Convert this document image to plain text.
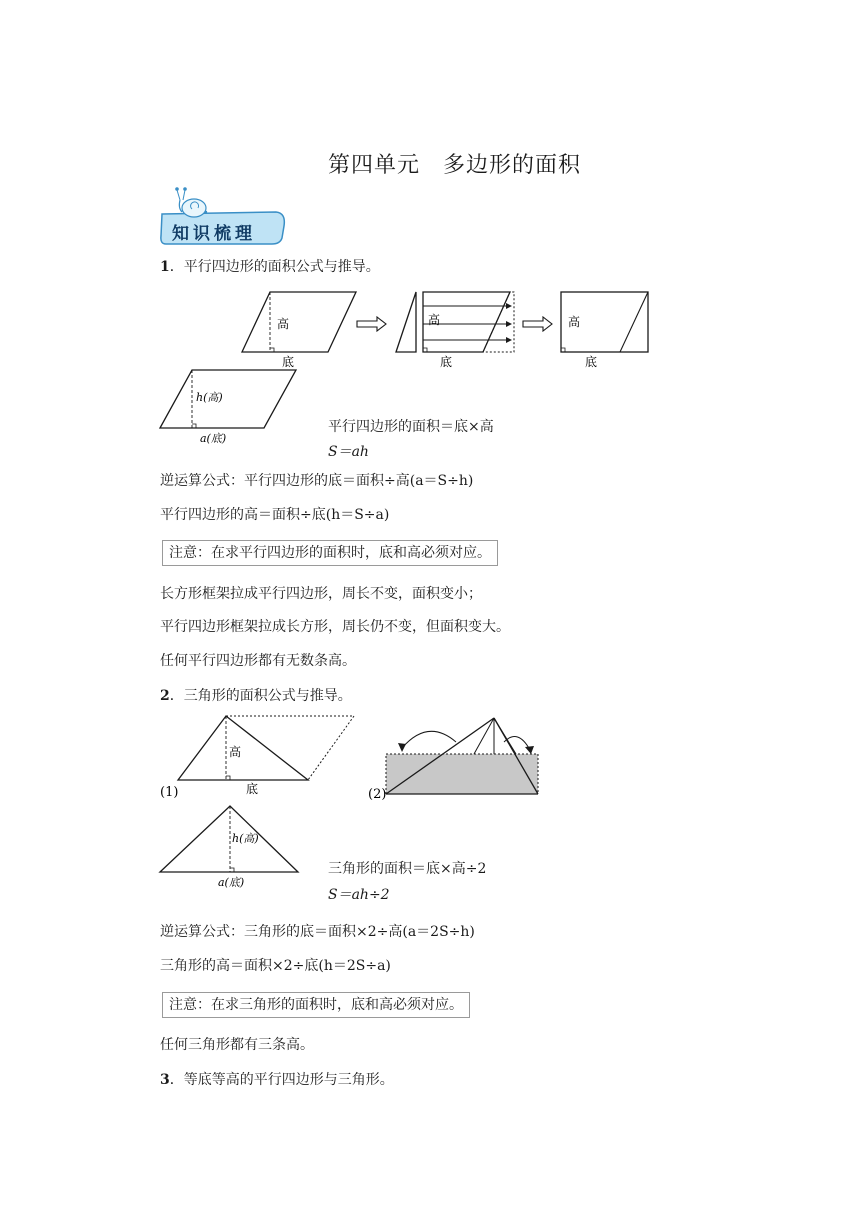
第四单元　多边形的面积
知识梳理
1．平行四边形的面积公式与推导。
高
底
高
底
高
底
h(高)
a(底)
平行四边形的面积＝底×高
S＝ah
逆运算公式：平行四边形的底＝面积÷高(a＝S÷h)
平行四边形的高＝面积÷底(h＝S÷a)
注意：在求平行四边形的面积时，底和高必须对应。
长方形框架拉成平行四边形，周长不变，面积变小；
平行四边形框架拉成长方形，周长仍不变，但面积变大。
任何平行四边形都有无数条高。
2．三角形的面积公式与推导。
高
底
(1)	(2)
h(高)
a(底)
三角形的面积＝底×高÷2
S＝ah÷2
逆运算公式：三角形的底＝面积×2÷高(a＝2S÷h)
三角形的高＝面积×2÷底(h＝2S÷a)
注意：在求三角形的面积时，底和高必须对应。
任何三角形都有三条高。
3．等底等高的平行四边形与三角形。
